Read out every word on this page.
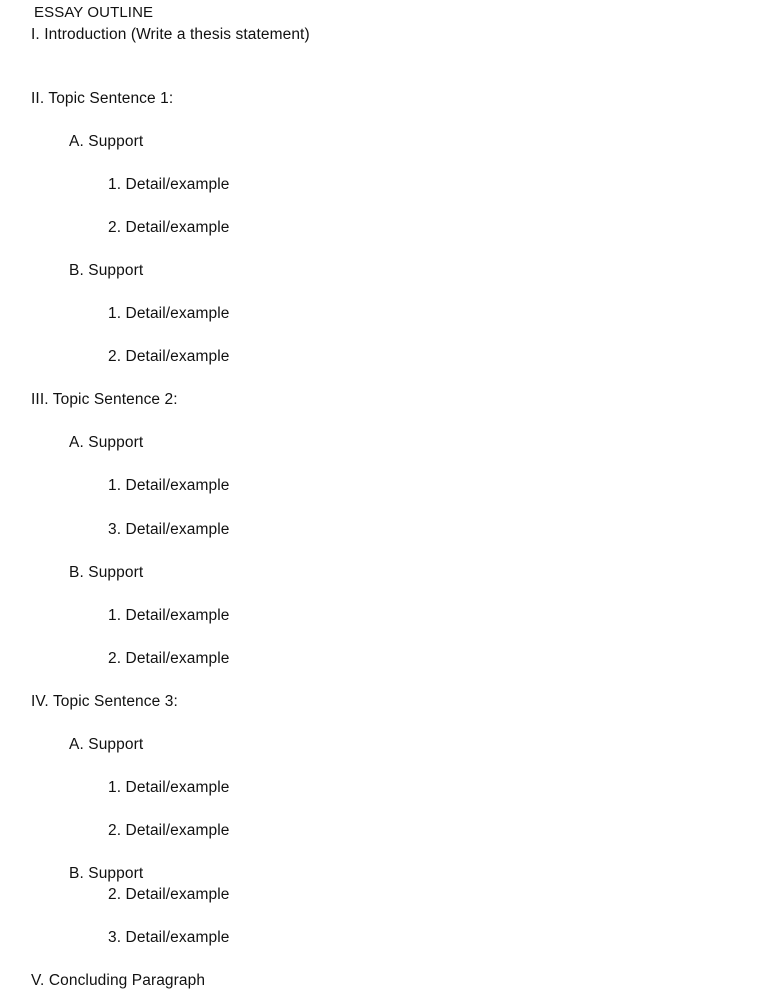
ESSAY OUTLINE
I. Introduction (Write a thesis statement)
II. Topic Sentence 1:
A. Support
1. Detail/example
2. Detail/example
B. Support
1. Detail/example
2. Detail/example
III. Topic Sentence 2:
A. Support
1. Detail/example
3. Detail/example
B. Support
1. Detail/example
2. Detail/example
IV. Topic Sentence 3:
A. Support
1. Detail/example
2. Detail/example
B. Support
2. Detail/example
3. Detail/example
V. Concluding Paragraph
